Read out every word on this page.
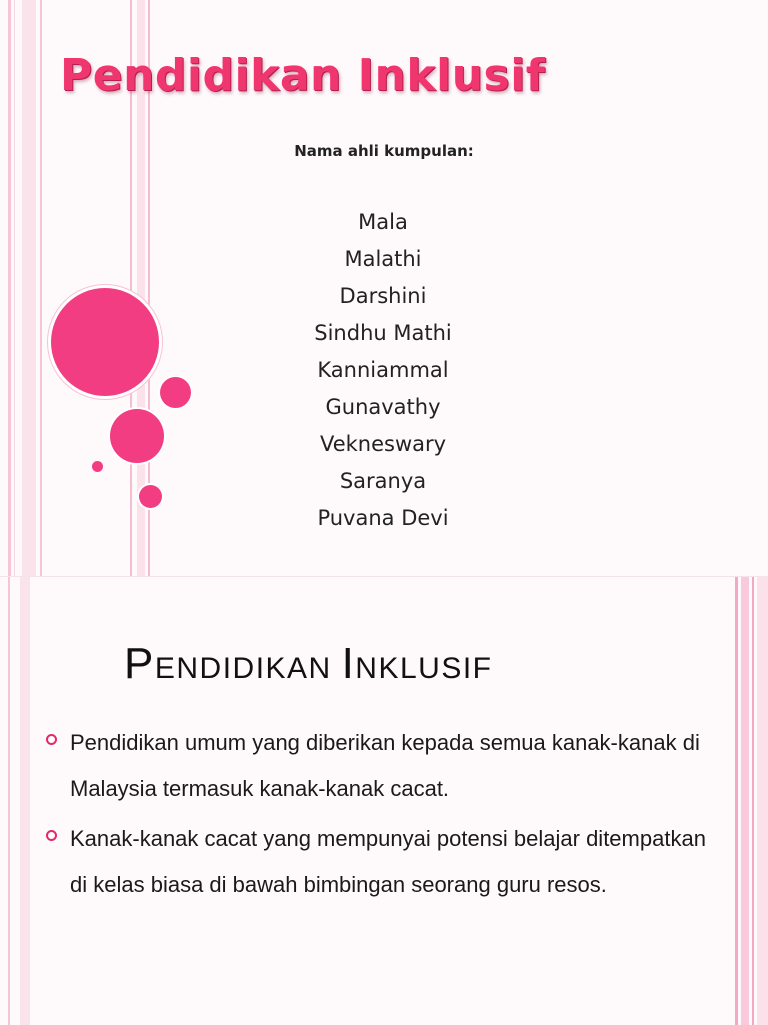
Pendidikan Inklusif
Nama ahli kumpulan:
Mala
Malathi
Darshini
Sindhu Mathi
Kanniammal
Gunavathy
Vekneswary
Saranya
Puvana Devi
PENDIDIKAN INKLUSIF
Pendidikan umum yang diberikan kepada semua kanak-kanak di Malaysia termasuk kanak-kanak cacat.
Kanak-kanak cacat yang mempunyai potensi belajar ditempatkan di kelas biasa di bawah bimbingan seorang guru resos.
